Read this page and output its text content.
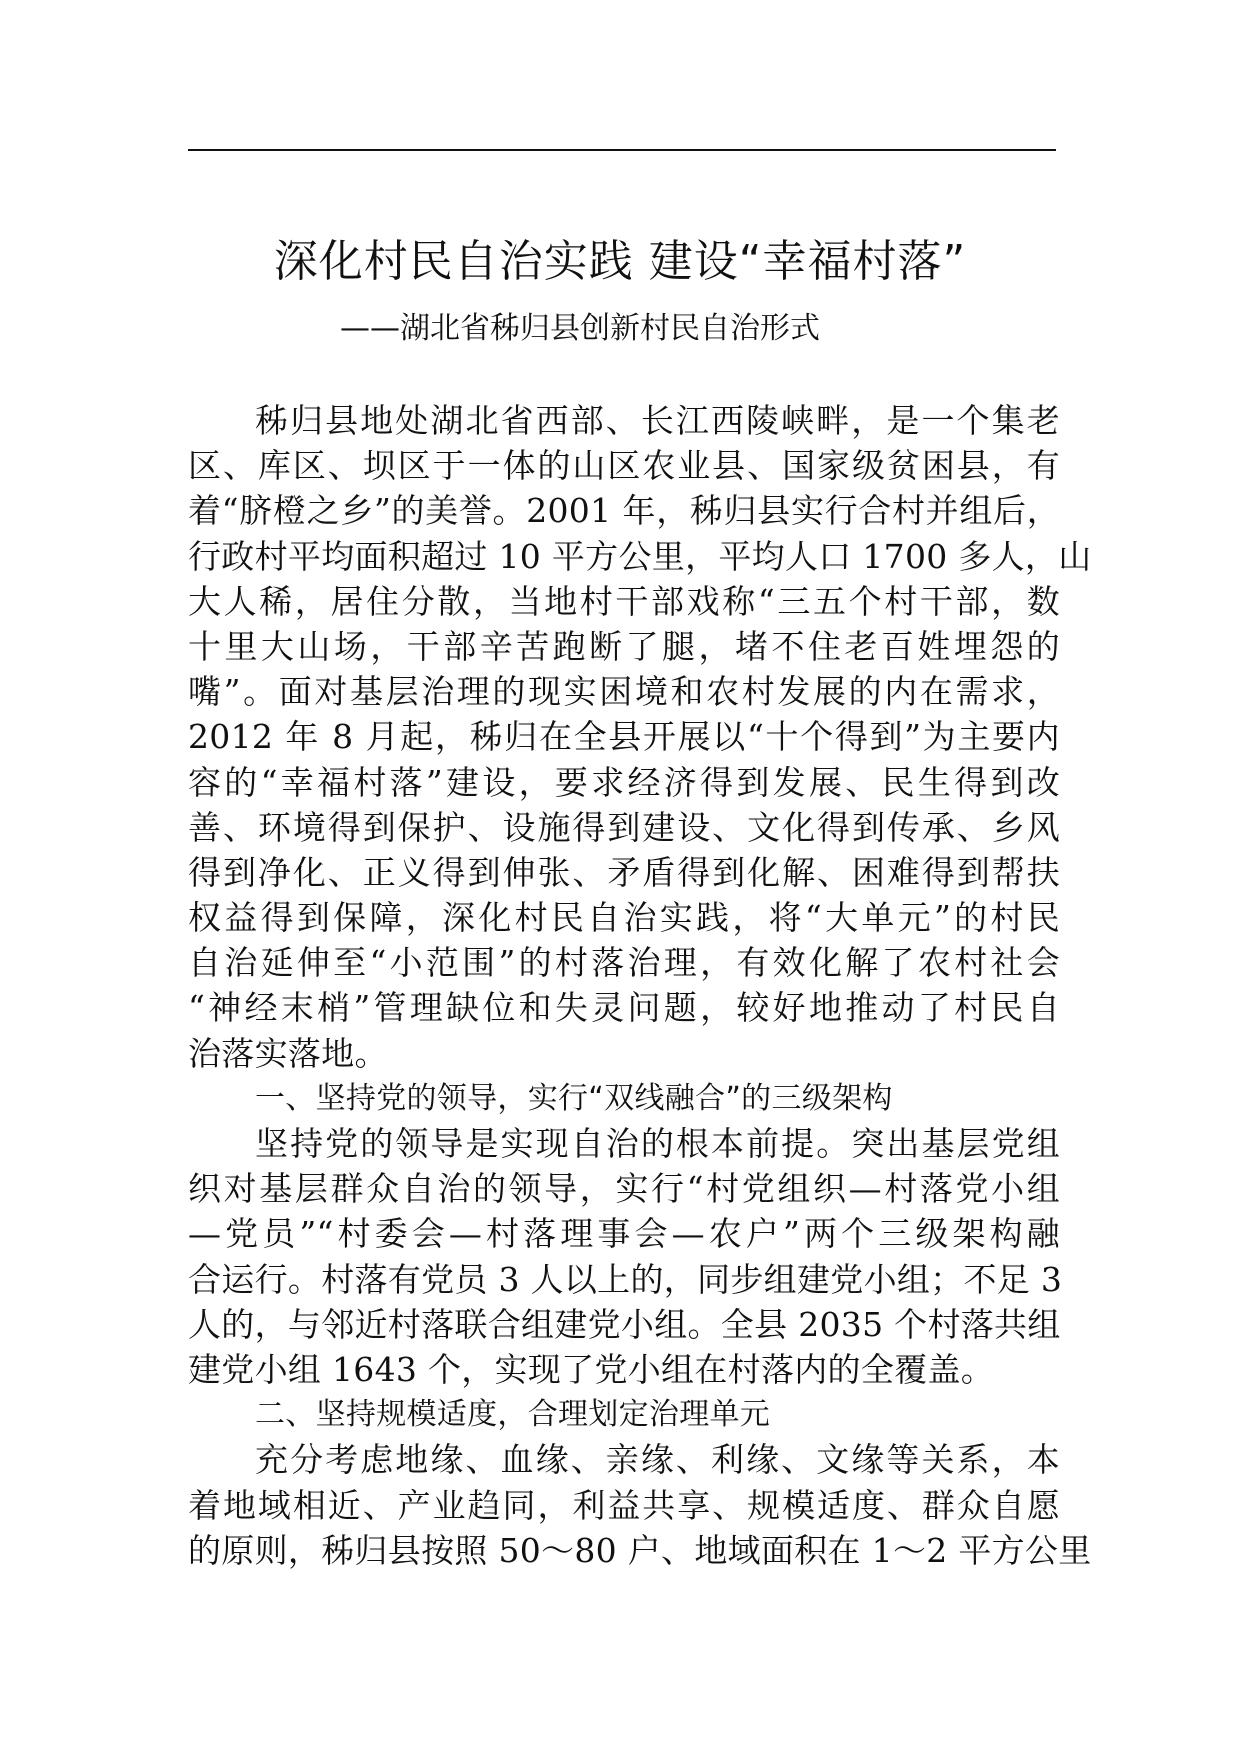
深化村民自治实践 建设“幸福村落”
——湖北省秭归县创新村民自治形式
秭归县地处湖北省西部、长江西陵峡畔，是一个集老
区、库区、坝区于一体的山区农业县、国家级贫困县，有
着“脐橙之乡”的美誉。2001 年，秭归县实行合村并组后，
行政村平均面积超过 10 平方公里，平均人口 1700 多人，山
大人稀，居住分散，当地村干部戏称“三五个村干部，数
十里大山场，干部辛苦跑断了腿，堵不住老百姓埋怨的
嘴”。面对基层治理的现实困境和农村发展的内在需求，
2012 年 8 月起，秭归在全县开展以“十个得到”为主要内
容的“幸福村落”建设，要求经济得到发展、民生得到改
善、环境得到保护、设施得到建设、文化得到传承、乡风
得到净化、正义得到伸张、矛盾得到化解、困难得到帮扶
权益得到保障，深化村民自治实践，将“大单元”的村民
自治延伸至“小范围”的村落治理，有效化解了农村社会
“神经末梢”管理缺位和失灵问题，较好地推动了村民自
治落实落地。
一、坚持党的领导，实行“双线融合”的三级架构
坚持党的领导是实现自治的根本前提。突出基层党组
织对基层群众自治的领导，实行“村党组织—村落党小组
—党员”“村委会—村落理事会—农户”两个三级架构融
合运行。村落有党员 3 人以上的，同步组建党小组；不足 3
人的，与邻近村落联合组建党小组。全县 2035 个村落共组
建党小组 1643 个，实现了党小组在村落内的全覆盖。
二、坚持规模适度，合理划定治理单元
充分考虑地缘、血缘、亲缘、利缘、文缘等关系，本
着地域相近、产业趋同，利益共享、规模适度、群众自愿
的原则，秭归县按照 50～80 户、地域面积在 1～2 平方公里
